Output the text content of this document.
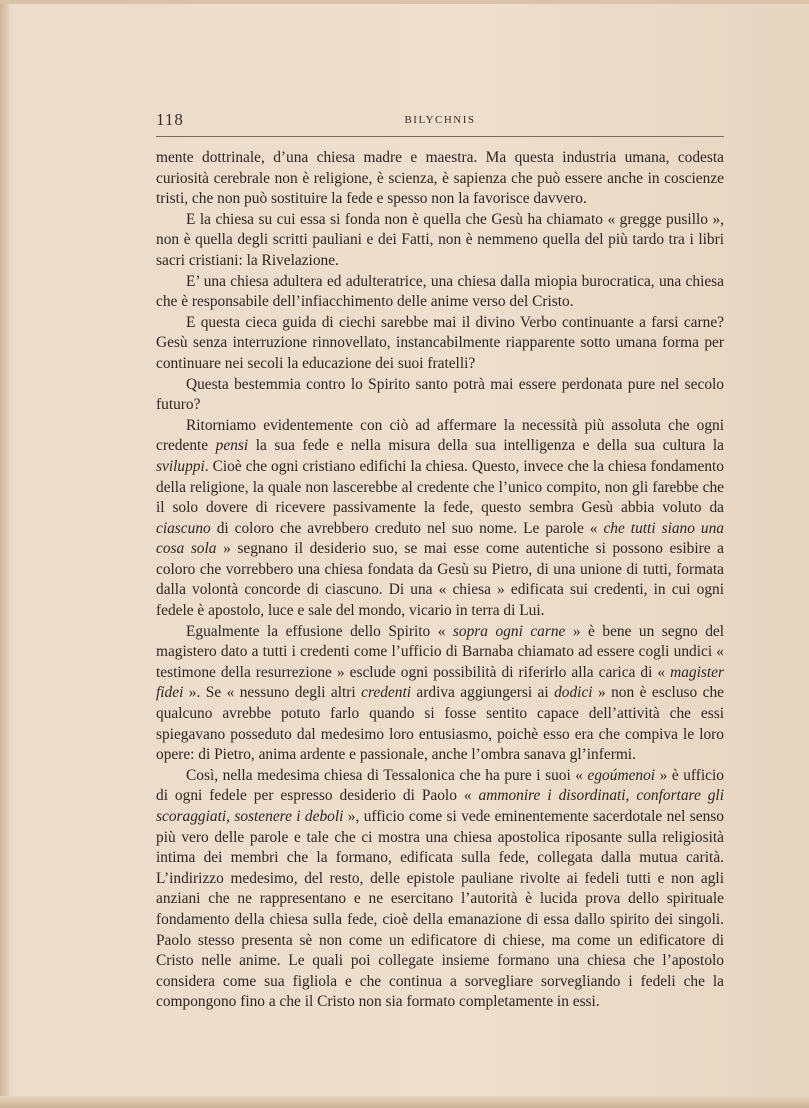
118	BILYCHNIS

mente dottrinale, d’una chiesa madre e maestra. Ma questa industria umana, codesta curiosità cerebrale non è religione, è scienza, è sapienza che può essere anche in coscienze tristi, che non può sostituire la fede e spesso non la favorisce davvero.

E la chiesa su cui essa si fonda non è quella che Gesù ha chiamato « gregge pusillo », non è quella degli scritti pauliani e dei Fatti, non è nemmeno quella del più tardo tra i libri sacri cristiani: la Rivelazione.

E’ una chiesa adultera ed adulteratrice, una chiesa dalla miopia burocratica, una chiesa che è responsabile dell’infiacchimento delle anime verso del Cristo.

E questa cieca guida di ciechi sarebbe mai il divino Verbo continuante a farsi carne? Gesù senza interruzione rinnovellato, instancabilmente riapparente sotto umana forma per continuare nei secoli la educazione dei suoi fratelli?

Questa bestemmia contro lo Spirito santo potrà mai essere perdonata pure nel secolo futuro?

Ritorniamo evidentemente con ciò ad affermare la necessità più assoluta che ogni credente pensi la sua fede e nella misura della sua intelligenza e della sua cultura la sviluppi. Cioè che ogni cristiano edifichi la chiesa. Questo, invece che la chiesa fondamento della religione, la quale non lascerebbe al credente che l’unico compito, non gli farebbe che il solo dovere di ricevere passivamente la fede, questo sembra Gesù abbia voluto da ciascuno di coloro che avrebbero creduto nel suo nome. Le parole « che tutti siano una cosa sola » segnano il desiderio suo, se mai esse come autentiche si possono esibire a coloro che vorrebbero una chiesa fondata da Gesù su Pietro, di una unione di tutti, formata dalla volontà concorde di ciascuno. Di una « chiesa » edificata sui credenti, in cui ogni fedele è apostolo, luce e sale del mondo, vicario in terra di Lui.

Egualmente la effusione dello Spirito « sopra ogni carne » è bene un segno del magistero dato a tutti i credenti come l’ufficio di Barnaba chiamato ad essere cogli undici « testimone della resurrezione » esclude ogni possibilità di riferirlo alla carica di « magister fidei ». Se « nessuno degli altri credenti ardiva aggiungersi ai dodici » non è escluso che qualcuno avrebbe potuto farlo quando si fosse sentito capace dell’attività che essi spiegavano posseduto dal medesimo loro entusiasmo, poichè esso era che compiva le loro opere: di Pietro, anima ardente e passionale, anche l’ombra sanava gl’infermi.

Così, nella medesima chiesa di Tessalonica che ha pure i suoi « egoúmenoi » è ufficio di ogni fedele per espresso desiderio di Paolo « ammonire i disordinati, confortare gli scoraggiati, sostenere i deboli », ufficio come si vede eminentemente sacerdotale nel senso più vero delle parole e tale che ci mostra una chiesa apostolica riposante sulla religiosità intima dei membri che la formano, edificata sulla fede, collegata dalla mutua carità. L’indirizzo medesimo, del resto, delle epistole pauliane rivolte ai fedeli tutti e non agli anziani che ne rappresentano e ne esercitano l’autorità è lucida prova dello spirituale fondamento della chiesa sulla fede, cioè della emanazione di essa dallo spirito dei singoli. Paolo stesso presenta sè non come un edificatore di chiese, ma come un edificatore di Cristo nelle anime. Le quali poi collegate insieme formano una chiesa che l’apostolo considera come sua figliola e che continua a sorvegliare sorvegliando i fedeli che la compongono fino a che il Cristo non sia formato completamente in essi.
